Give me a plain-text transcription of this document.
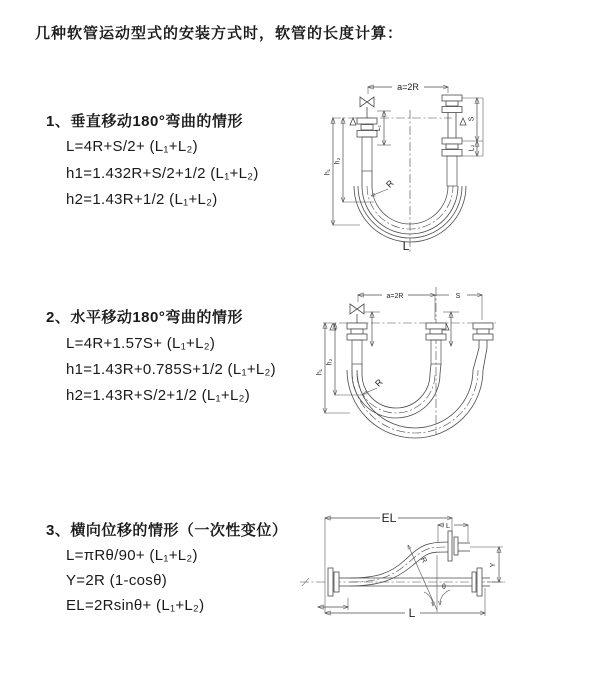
几种软管运动型式的安装方式时，软管的长度计算：
1、垂直移动180°弯曲的情形
L=4R+S/2+ (L₁+L₂)
h1=1.432R+S/2+1/2 (L₁+L₂)
h2=1.43R+1/2 (L₁+L₂)
a=2R
L₁
S
L₂
h₁
h₂
R
L
2、水平移动180°弯曲的情形
L=4R+1.57S+ (L₁+L₂)
h1=1.43R+0.785S+1/2 (L₁+L₂)
h2=1.43R+S/2+1/2 (L₁+L₂)
a=2R	S
h₁
h₂
R
3、横向位移的情形（一次性变位）
L=πRθ/90+ (L₁+L₂)
Y=2R (1-cosθ)
EL=2Rsinθ+ (L₁+L₂)
EL
L
Y
R
θ
L
